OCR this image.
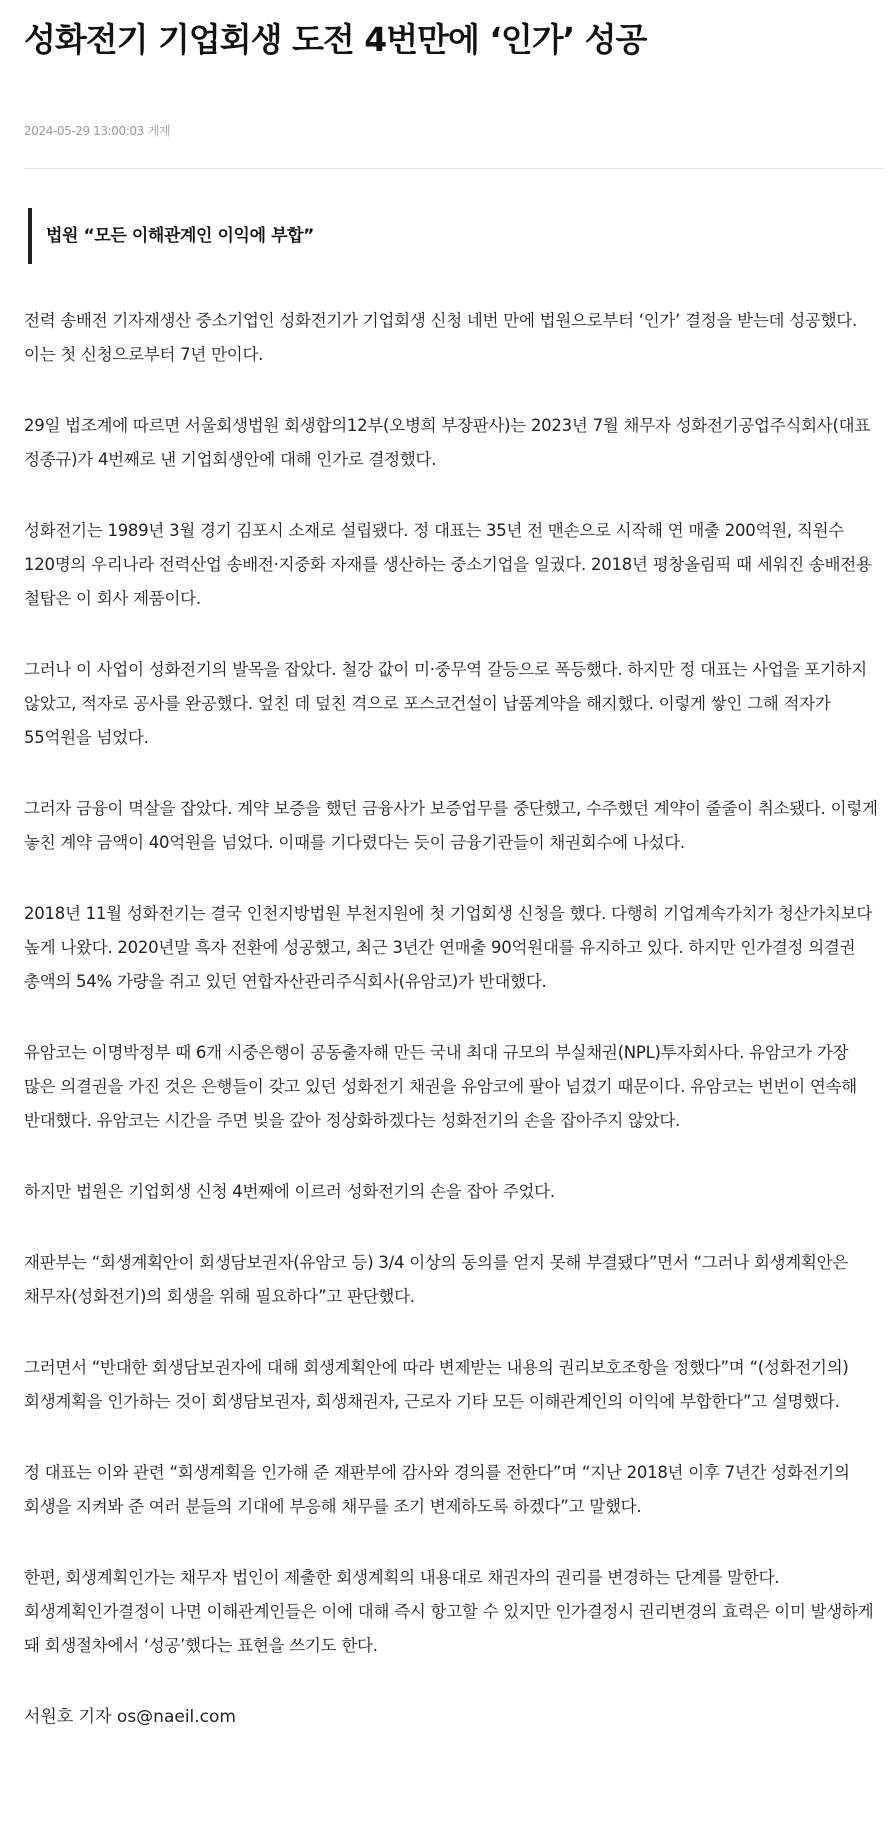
성화전기 기업회생 도전 4번만에 ‘인가’ 성공
2024-05-29 13:00:03 게재
법원 “모든 이해관계인 이익에 부합”

전력 송배전 기자재생산 중소기업인 성화전기가 기업회생 신청 네번 만에 법원으로부터 ‘인가’ 결정을 받는데 성공했다. 이는 첫 신청으로부터 7년 만이다.

29일 법조계에 따르면 서울회생법원 회생합의12부(오병희 부장판사)는 2023년 7월 채무자 성화전기공업주식회사(대표 정종규)가 4번째로 낸 기업회생안에 대해 인가로 결정했다.

성화전기는 1989년 3월 경기 김포시 소재로 설립됐다. 정 대표는 35년 전 맨손으로 시작해 연 매출 200억원, 직원수 120명의 우리나라 전력산업 송배전·지중화 자재를 생산하는 중소기업을 일궜다. 2018년 평창올림픽 때 세워진 송배전용 철탑은 이 회사 제품이다.

그러나 이 사업이 성화전기의 발목을 잡았다. 철강 값이 미·중무역 갈등으로 폭등했다. 하지만 정 대표는 사업을 포기하지 않았고, 적자로 공사를 완공했다. 엎친 데 덮친 격으로 포스코건설이 납품계약을 해지했다. 이렇게 쌓인 그해 적자가 55억원을 넘었다.

그러자 금융이 멱살을 잡았다. 계약 보증을 했던 금융사가 보증업무를 중단했고, 수주했던 계약이 줄줄이 취소됐다. 이렇게 놓친 계약 금액이 40억원을 넘었다. 이때를 기다렸다는 듯이 금융기관들이 채권회수에 나섰다.

2018년 11월 성화전기는 결국 인천지방법원 부천지원에 첫 기업회생 신청을 했다. 다행히 기업계속가치가 청산가치보다 높게 나왔다. 2020년말 흑자 전환에 성공했고, 최근 3년간 연매출 90억원대를 유지하고 있다. 하지만 인가결정 의결권 총액의 54% 가량을 쥐고 있던 연합자산관리주식회사(유암코)가 반대했다.

유암코는 이명박정부 때 6개 시중은행이 공동출자해 만든 국내 최대 규모의 부실채권(NPL)투자회사다. 유암코가 가장 많은 의결권을 가진 것은 은행들이 갖고 있던 성화전기 채권을 유암코에 팔아 넘겼기 때문이다. 유암코는 번번이 연속해 반대했다. 유암코는 시간을 주면 빚을 갚아 정상화하겠다는 성화전기의 손을 잡아주지 않았다.

하지만 법원은 기업회생 신청 4번째에 이르러 성화전기의 손을 잡아 주었다.

재판부는 “회생계획안이 회생담보권자(유암코 등) 3/4 이상의 동의를 얻지 못해 부결됐다”면서 “그러나 회생계획안은 채무자(성화전기)의 회생을 위해 필요하다”고 판단했다.

그러면서 “반대한 회생담보권자에 대해 회생계획안에 따라 변제받는 내용의 권리보호조항을 정했다”며 “(성화전기의) 회생계획을 인가하는 것이 회생담보권자, 회생채권자, 근로자 기타 모든 이해관계인의 이익에 부합한다”고 설명했다.

정 대표는 이와 관련 “회생계획을 인가해 준 재판부에 감사와 경의를 전한다”며 “지난 2018년 이후 7년간 성화전기의 회생을 지켜봐 준 여러 분들의 기대에 부응해 채무를 조기 변제하도록 하겠다”고 말했다.

한편, 회생계획인가는 채무자 법인이 제출한 회생계획의 내용대로 채권자의 권리를 변경하는 단계를 말한다. 회생계획인가결정이 나면 이해관계인들은 이에 대해 즉시 항고할 수 있지만 인가결정시 권리변경의 효력은 이미 발생하게 돼 회생절차에서 ‘성공’했다는 표현을 쓰기도 한다.

서원호 기자 os@naeil.com
